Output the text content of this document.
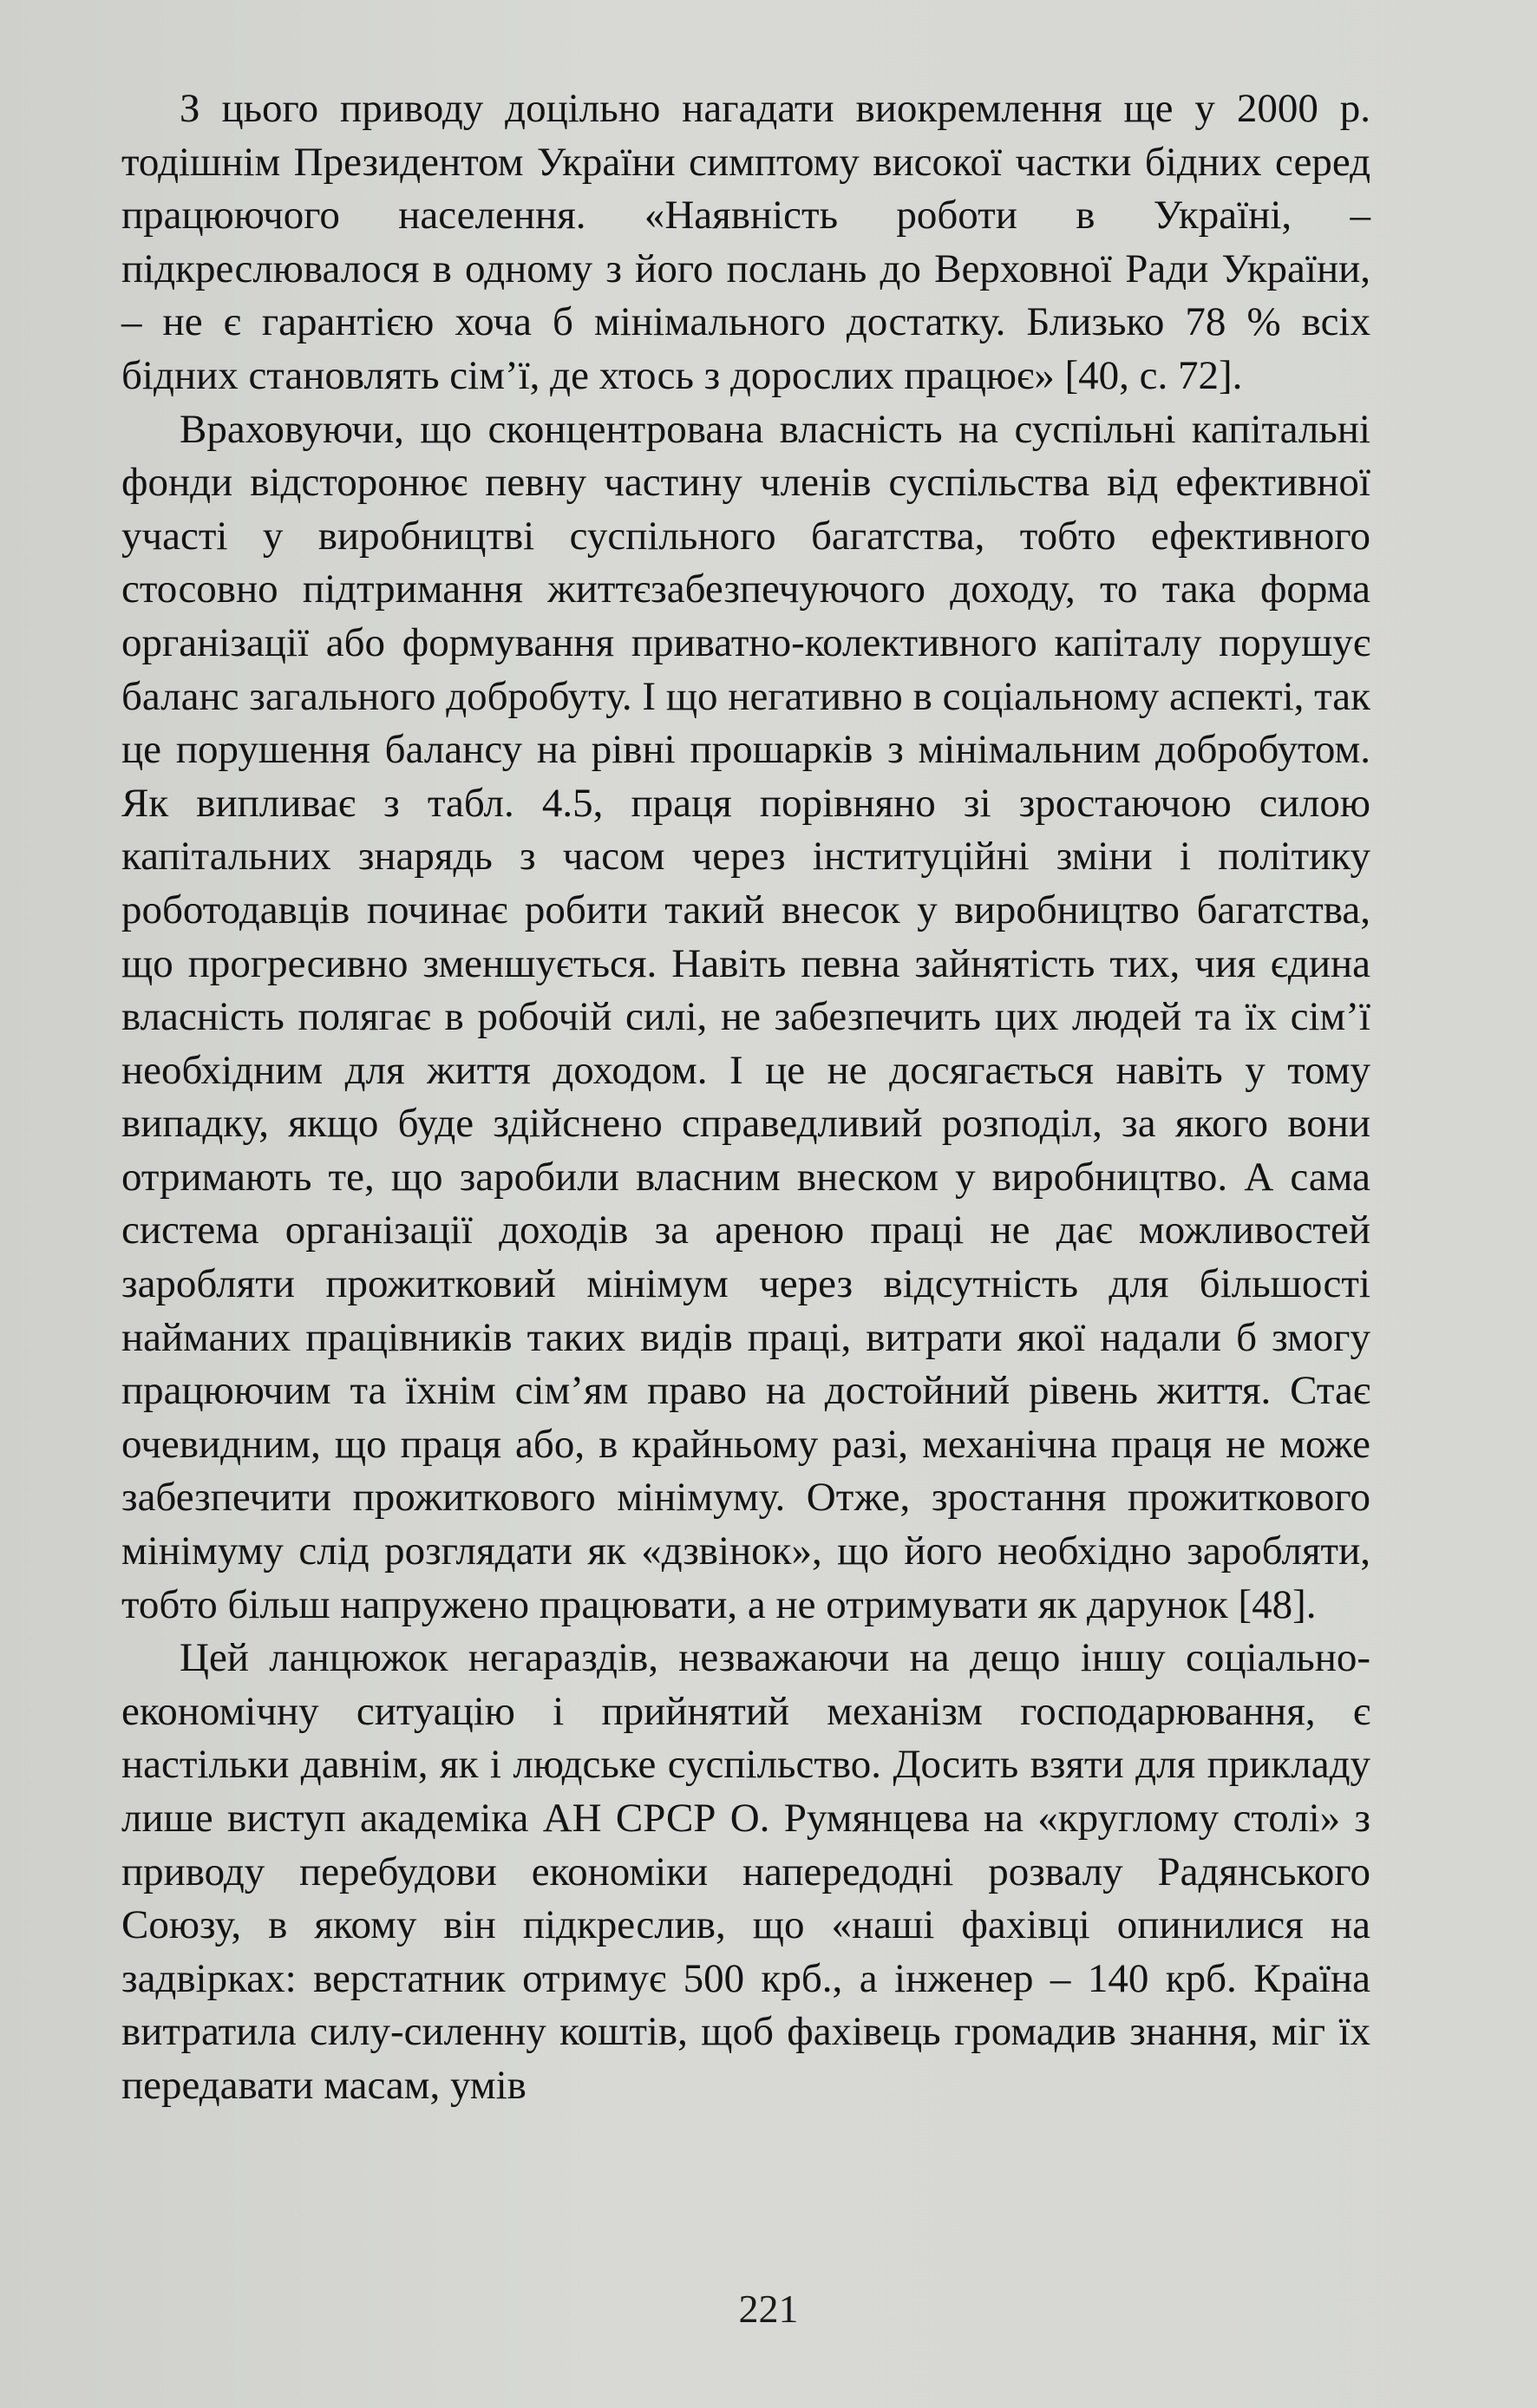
З цього приводу доцільно нагадати виокремлення ще у 2000 р. тодішнім Президентом України симптому високої частки бідних серед працюючого населення. «Наявність роботи в Україні, – підкреслювалося в одному з його послань до Верховної Ради України, – не є гарантією хоча б мінімального достатку. Близько 78 % всіх бідних становлять сім’ї, де хтось з дорослих працює» [40, с. 72].

Враховуючи, що сконцентрована власність на суспільні капітальні фонди відсторонює певну частину членів суспільства від ефективної участі у виробництві суспільного багатства, тобто ефективного стосовно підтримання життєзабезпечуючого доходу, то така форма організації або формування приватно-колективного капіталу порушує баланс загального добробуту. І що негативно в соціальному аспекті, так це порушення балансу на рівні прошарків з мінімальним добробутом. Як випливає з табл. 4.5, праця порівняно зі зростаючою силою капітальних знарядь з часом через інституційні зміни і політику роботодавців починає робити такий внесок у виробництво багатства, що прогресивно зменшується. Навіть певна зайнятість тих, чия єдина власність полягає в робочій силі, не забезпечить цих людей та їх сім’ї необхідним для життя доходом. І це не досягається навіть у тому випадку, якщо буде здійснено справедливий розподіл, за якого вони отримають те, що заробили власним внеском у виробництво. А сама система організації доходів за ареною праці не дає можливостей заробляти прожитковий мінімум через відсутність для більшості найманих працівників таких видів праці, витрати якої надали б змогу працюючим та їхнім сім’ям право на достойний рівень життя. Стає очевидним, що праця або, в крайньому разі, механічна праця не може забезпечити прожиткового мінімуму. Отже, зростання прожиткового мінімуму слід розглядати як «дзвінок», що його необхідно заробляти, тобто більш напружено працювати, а не отримувати як дарунок [48].

Цей ланцюжок негараздів, незважаючи на дещо іншу соціально-економічну ситуацію і прийнятий механізм господарювання, є настільки давнім, як і людське суспільство. Досить взяти для прикладу лише виступ академіка АН СРСР О. Румянцева на «круглому столі» з приводу перебудови економіки напередодні розвалу Радянського Союзу, в якому він підкреслив, що «наші фахівці опинилися на задвірках: верстатник отримує 500 крб., а інженер – 140 крб. Країна витратила силу-силенну коштів, щоб фахівець громадив знання, міг їх передавати масам, умів

221
